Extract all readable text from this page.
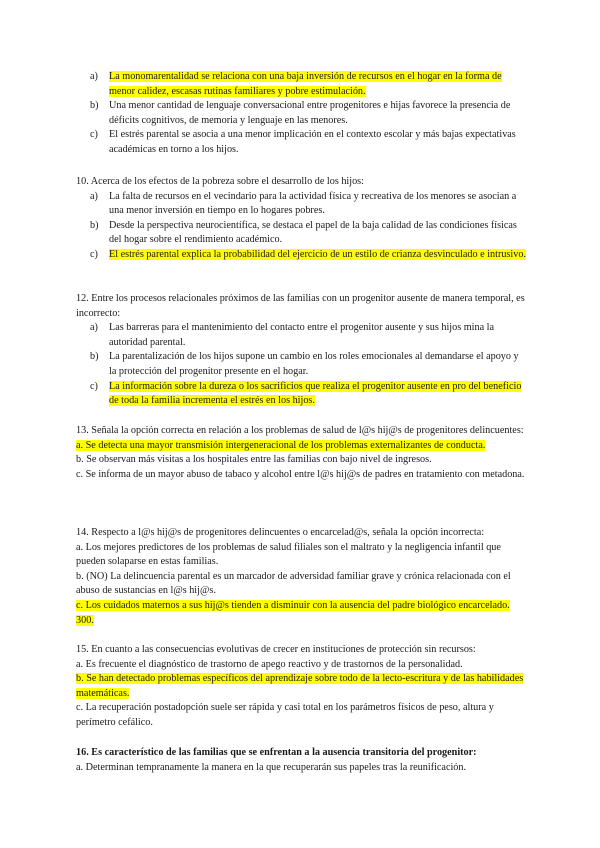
a)	La monomarentalidad se relaciona con una baja inversión de recursos en el hogar en la forma de menor calidez, escasas rutinas familiares y pobre estimulación.
b)	Una menor cantidad de lenguaje conversacional entre progenitores e hijas favorece la presencia de déficits cognitivos, de memoria y lenguaje en las menores.
c)	El estrés parental se asocia a una menor implicación en el contexto escolar y más bajas expectativas académicas en torno a los hijos.

10. Acerca de los efectos de la pobreza sobre el desarrollo de los hijos:

a)	La falta de recursos en el vecindario para la actividad física y recreativa de los menores se asocian a una menor inversión en tiempo en lo hogares pobres.
b)	Desde la perspectiva neurocientífica, se destaca el papel de la baja calidad de las condiciones físicas del hogar sobre el rendimiento académico.
c)	El estrés parental explica la probabilidad del ejercicio de un estilo de crianza desvinculado e intrusivo.

12. Entre los procesos relacionales próximos de las familias con un progenitor ausente de manera temporal, es incorrecto:

a)	Las barreras para el mantenimiento del contacto entre el progenitor ausente y sus hijos mina la autoridad parental.
b)	La parentalización de los hijos supone un cambio en los roles emocionales al demandarse el apoyo y la protección del progenitor presente en el hogar.
c)	La información sobre la dureza o los sacrificios que realiza el progenitor ausente en pro del beneficio de toda la familia incrementa el estrés en los hijos.

13. Señala la opción correcta en relación a los problemas de salud de l@s hij@s de progenitores delincuentes:

a. Se detecta una mayor transmisión intergeneracional de los problemas externalizantes de conducta.

b. Se observan más visitas a los hospitales entre las familias con bajo nivel de ingresos.

c. Se informa de un mayor abuso de tabaco y alcohol entre l@s hij@s de padres en tratamiento con metadona.

14. Respecto a l@s hij@s de progenitores delincuentes o encarcelad@s, señala la opción incorrecta:

a. Los mejores predictores de los problemas de salud filiales son el maltrato y la negligencia infantil que pueden solaparse en estas familias.

b. (NO) La delincuencia parental es un marcador de adversidad familiar grave y crónica relacionada con el abuso de sustancias en l@s hij@s.

c. Los cuidados maternos a sus hij@s tienden a disminuir con la ausencia del padre biológico encarcelado. 300.

15. En cuanto a las consecuencias evolutivas de crecer en instituciones de protección sin recursos:

a. Es frecuente el diagnóstico de trastorno de apego reactivo y de trastornos de la personalidad.

b. Se han detectado problemas específicos del aprendizaje sobre todo de la lecto-escritura y de las habilidades matemáticas.

c. La recuperación postadopción suele ser rápida y casi total en los parámetros físicos de peso, altura y perímetro cefálico.

16. Es característico de las familias que se enfrentan a la ausencia transitoria del progenitor:

a. Determinan tempranamente la manera en la que recuperarán sus papeles tras la reunificación.
